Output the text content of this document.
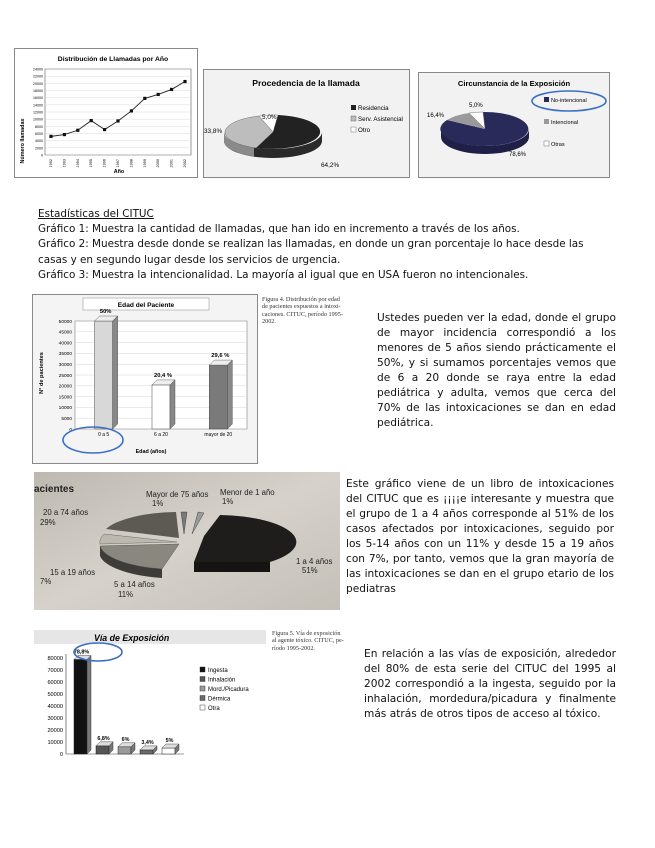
Distribución de Llamadas por Año
Número llamadas
Año
0
2000
4000
6000
8000
10000
12000
14000
16000
18000
20000
22000
24000
1992 1993 1994 1995 1996 1997 1998 1999 2000 2001 2002
Procedencia de la llamada
5,0%
33,8%
64,2%
Residencia
Serv. Asistencial
Otro
Circunstancia de la Exposición
5,0%
16,4%
78,6%
No-intencional
Intencional
Otras

Estadísticas del CITUC

Gráfico 1: Muestra la cantidad de llamadas, que han ido en incremento a través de los años.

Gráfico 2: Muestra desde donde se realizan las llamadas, en donde un gran porcentaje lo hace desde las

casas y en segundo lugar desde los servicios de urgencia.

Gráfico 3: Muestra la intencionalidad. La mayoría al igual que en USA fueron no intencionales.

Edad del Paciente
N° de pacientes
Edad (años)
0
5000
10000
15000
20000
25000
30000
35000
40000
45000
50000
50%
0 a 5
20,4 %
6 a 20
29,6 %
mayor de 20
Figura 4. Distribución por edad
de pacientes expuestos a intoxi-
caciones. CITUC, período 1995-
2002.	Ustedes pueden ver la edad, donde el grupo de mayor incidencia correspondió a los menores de 5 años siendo prácticamente el 50%, y si sumamos porcentajes vemos que de 6 a 20 donde se raya entre la edad pediátrica y adulta, vemos que cerca del 70% de las intoxicaciones se dan en edad pediátrica.
acientes	Mayor de 75 años
1%
Menor de 1 año
1%
20 a 74 años
29%
15 a 19 años
7%	5 a 14 años
11%
1 a 4 años
51%
Este gráfico viene de un libro de intoxicaciones del CITUC que es ¡¡¡¡e interesante y muestra que el grupo de 1 a 4 años corresponde al 51% de los casos afectados por intoxicaciones, seguido por los 5-14 años con un 11% y desde 15 a 19 años con 7%, por tanto, vemos que la gran mayoría de las intoxicaciones se dan en el grupo etario de los pediatras
Vía de Exposición
0
10000
20000
30000
40000
50000
60000
70000
80000
78,8%
6,8% 6%
3,4% 5%
Ingesta
Inhalación
Mord./Picadura
Dérmica
Otra
Figura 5. Vía de exposición
al agente tóxico. CITUC, pe-
ríodo 1995-2002.	En relación a las vías de exposición, alrededor del 80% de esta serie del CITUC del 1995 al 2002 correspondió a la ingesta, seguido por la inhalación, mordedura/picadura y finalmente más atrás de otros tipos de acceso al tóxico.
